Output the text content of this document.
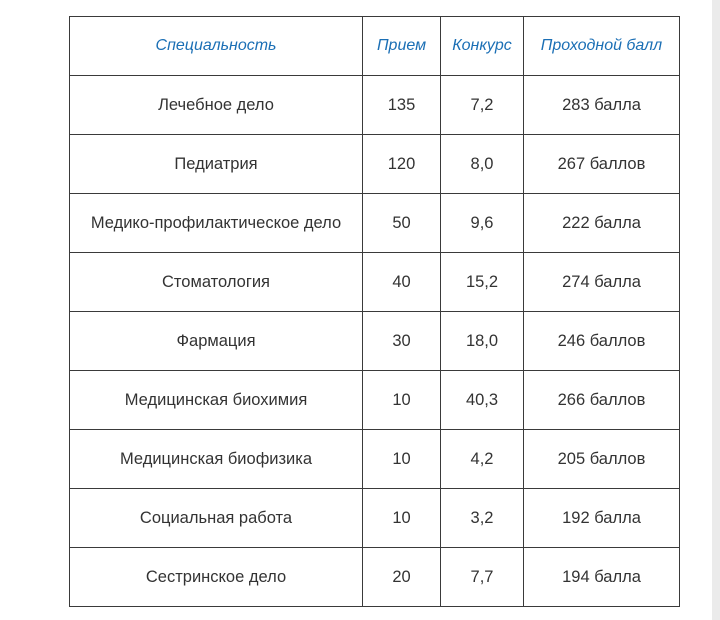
Специальность	Прием	Конкурс	Проходной балл
Лечебное дело	135	7,2	283 балла
Педиатрия	120	8,0	267 баллов
Медико-профилактическое дело	50	9,6	222 балла
Стоматология	40	15,2	274 балла
Фармация	30	18,0	246 баллов
Медицинская биохимия	10	40,3	266 баллов
Медицинская биофизика	10	4,2	205 баллов
Социальная работа	10	3,2	192 балла
Сестринское дело	20	7,7	194 балла
